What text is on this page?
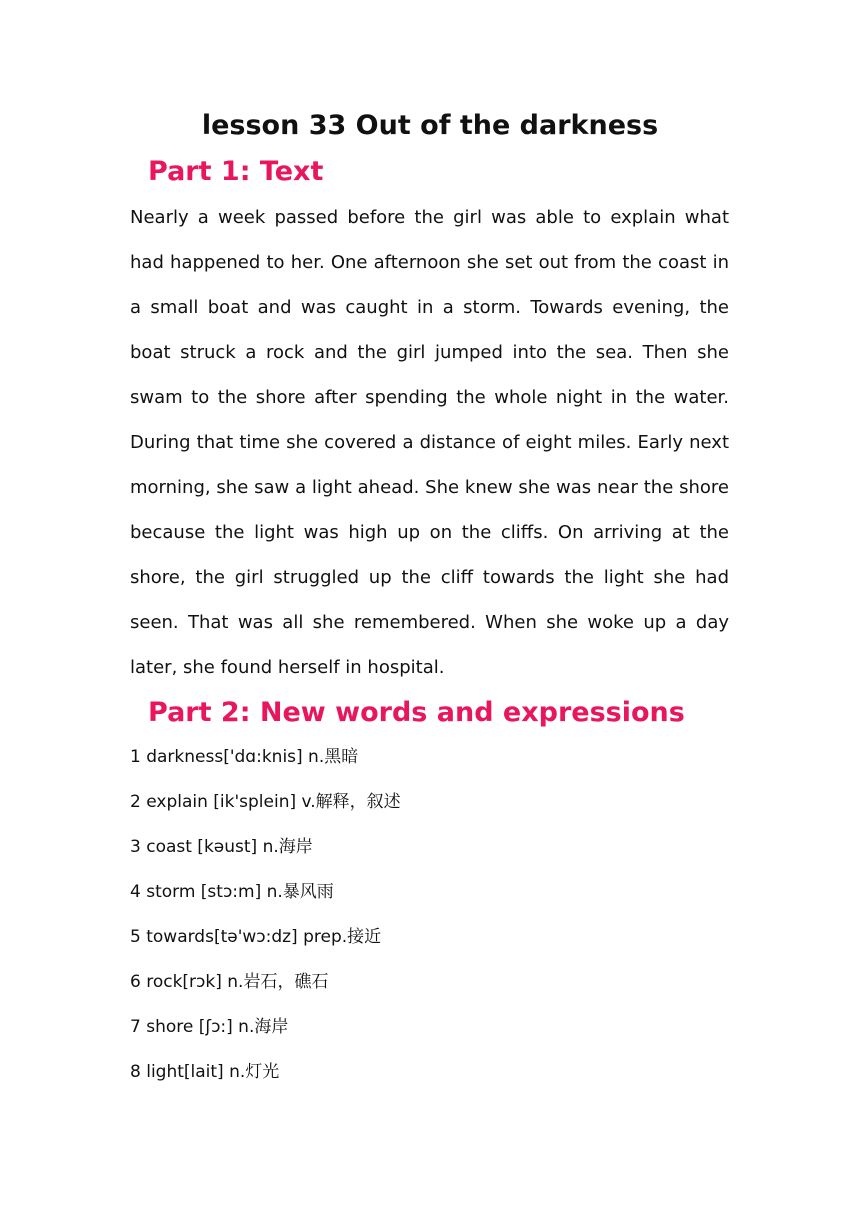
lesson 33 Out of the darkness
Part 1: Text

Nearly a week passed before the girl was able to explain what had happened to her. One afternoon she set out from the coast in a small boat and was caught in a storm. Towards evening, the boat struck a rock and the girl jumped into the sea. Then she swam to the shore after spending the whole night in the water. During that time she covered a distance of eight miles. Early next morning, she saw a light ahead. She knew she was near the shore because the light was high up on the cliffs. On arriving at the shore, the girl struggled up the cliff towards the light she had seen. That was all she remembered. When she woke up a day later, she found herself in hospital.

Part 2: New words and expressions
1 darkness['dɑ:knis] n.黑暗
2 explain [ik'splein] v.解释，叙述
3 coast [kəust] n.海岸
4 storm [stɔ:m] n.暴风雨
5 towards[tə'wɔ:dz] prep.接近
6 rock[rɔk] n.岩石，礁石
7 shore [ʃɔ:] n.海岸
8 light[lait] n.灯光
